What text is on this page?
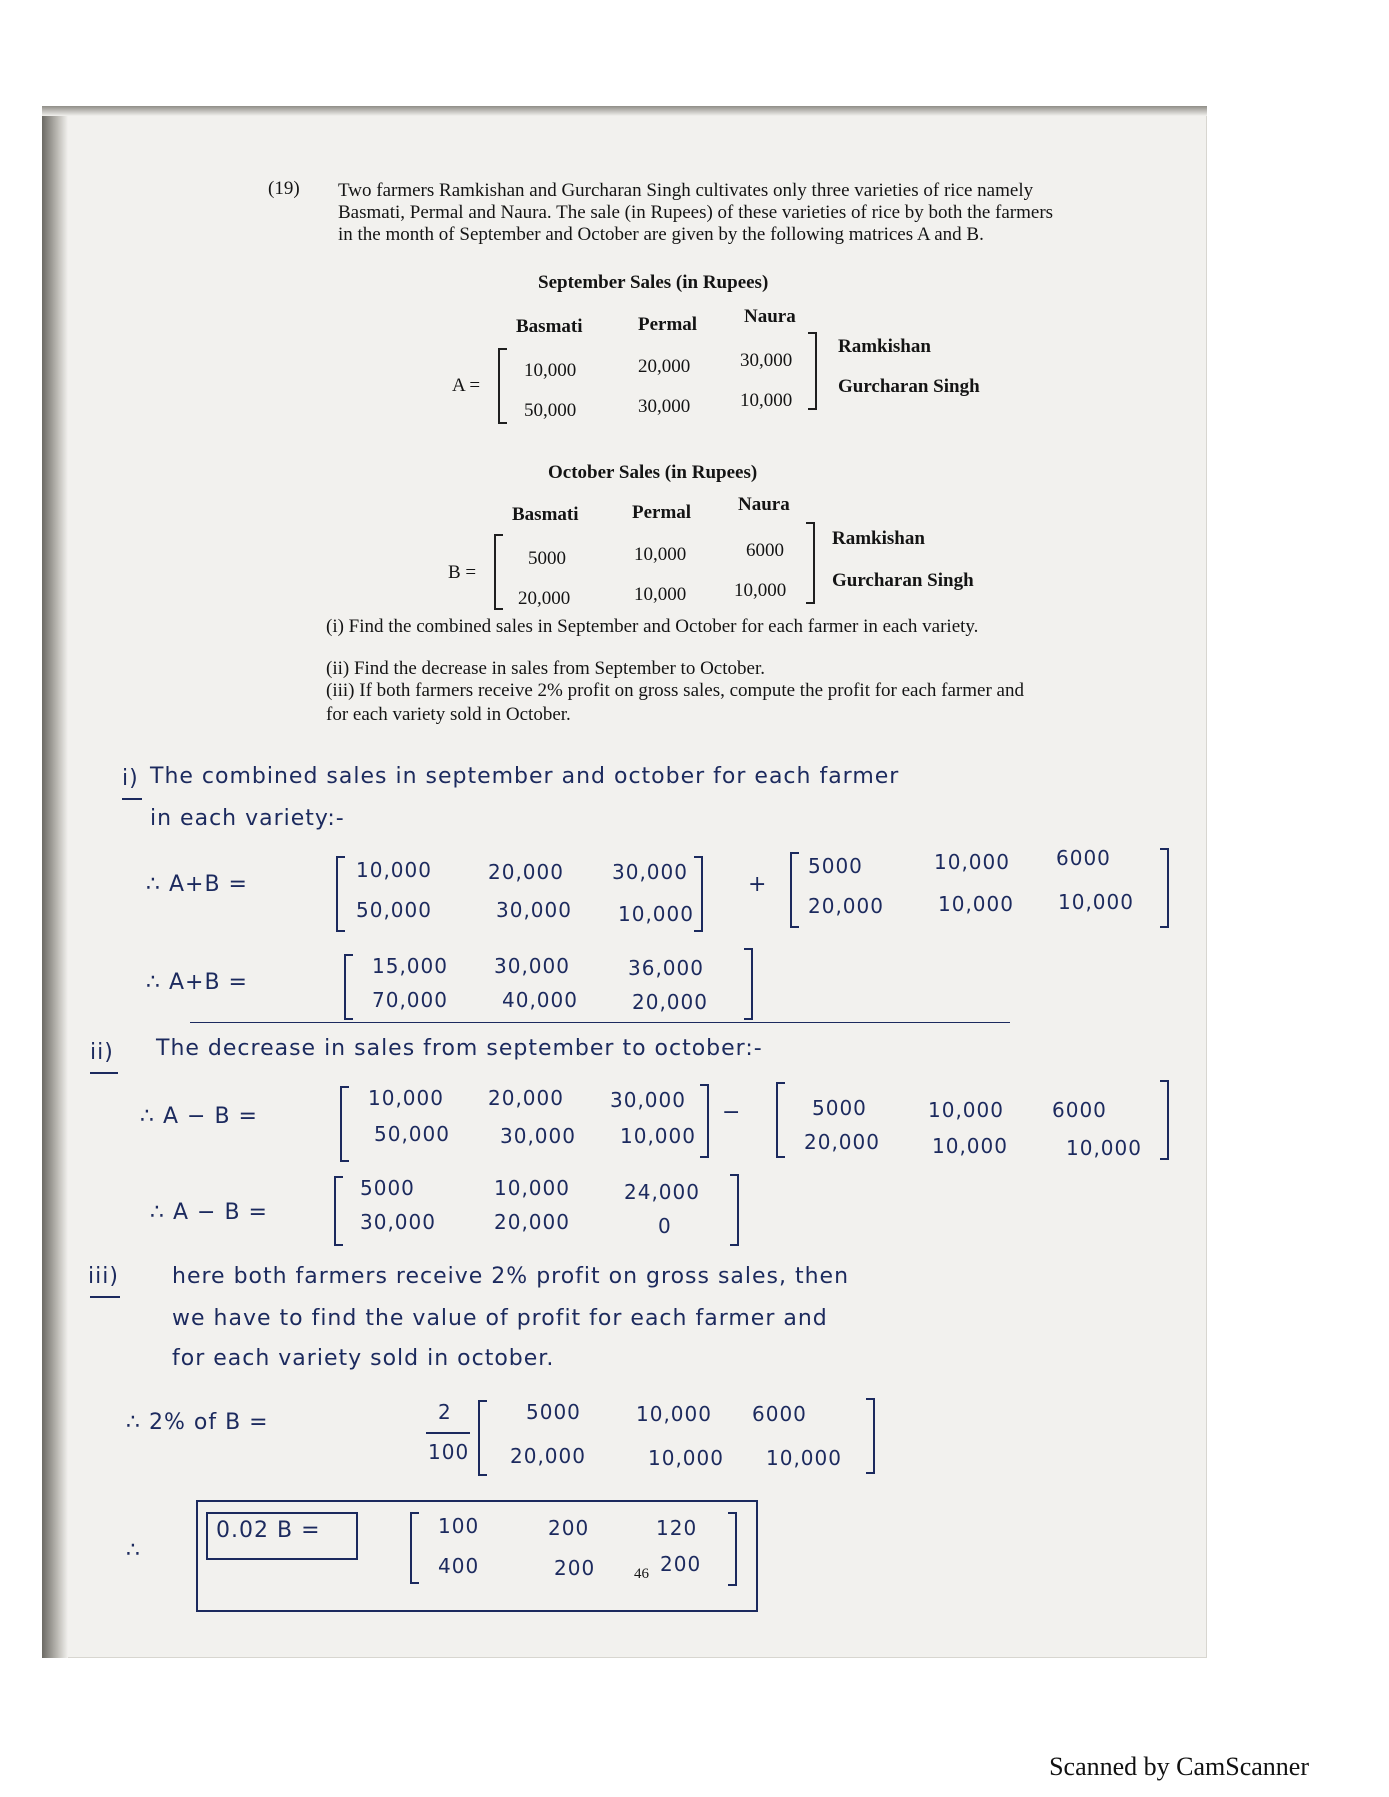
(19) Two farmers Ramkishan and Gurcharan Singh cultivates only three varieties of rice namely
Basmati, Permal and Naura. The sale (in Rupees) of these varieties of rice by both the farmers
in the month of September and October are given by the following matrices A and B.
September Sales (in Rupees)
Basmati	Permal Naura
A =
10,000	20,000	30,000
50,000	30,000	10,000
Ramkishan
Gurcharan Singh
October Sales (in Rupees)
Basmati	Permal Naura
B =
5000	10,000	6000
20,000	10,000	10,000
Ramkishan
Gurcharan Singh
(i) Find the combined sales in September and October for each farmer in each variety.
(ii) Find the decrease in sales from September to October.
(iii) If both farmers receive 2% profit on gross sales, compute the profit for each farmer and
for each variety sold in October.
i) The combined sales in september and october for each farmer
in each variety:-
∴ A+B =
10,000	20,000 30,000
50,000	30,000 10,000
+
5000	10,000 6000
20,000	10,000 10,000
∴ A+B =
15,000 30,000	36,000
70,000	40,000	20,000
ii) The decrease in sales from september to october:-
∴ A − B =
10,000 20,000 30,000
50,000	30,000 10,000
−	5000	10,000 6000
20,000	10,000	10,000
∴ A − B =
5000	10,000	24,000
30,000	20,000	0
iii) here both farmers receive 2% profit on gross sales, then
we have to find the value of profit for each farmer and
for each variety sold in october.
∴ 2% of B =	2
100
5000	10,000 6000
20,000	10,000 10,000
∴
0.02 B =	100	200	120
400	200	200
46
Scanned by CamScanner
